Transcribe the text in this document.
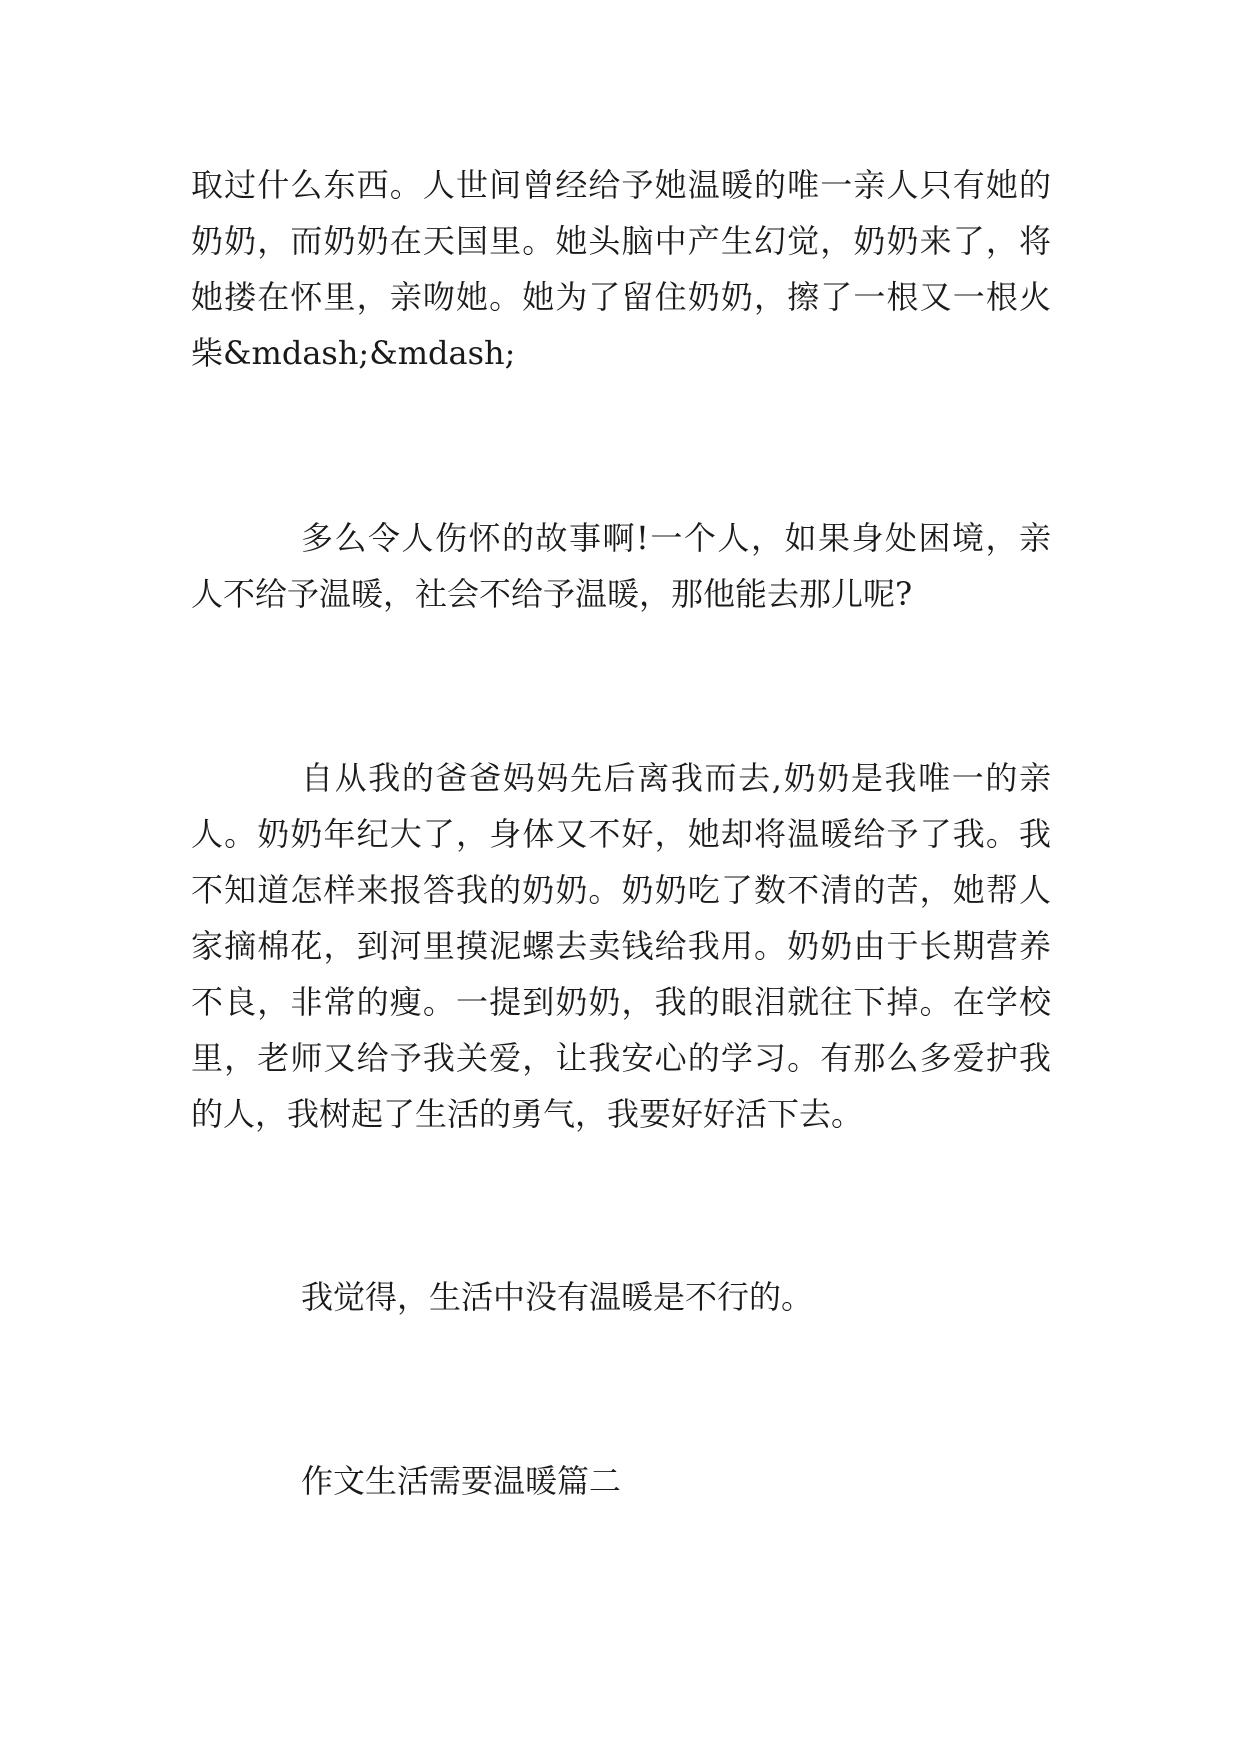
取过什么东西。人世间曾经给予她温暖的唯一亲人只有她的
奶奶，而奶奶在天国里。她头脑中产生幻觉，奶奶来了，将
她搂在怀里，亲吻她。她为了留住奶奶，擦了一根又一根火
柴&mdash;&mdash;
多么令人伤怀的故事啊!一个人，如果身处困境，亲
人不给予温暖，社会不给予温暖，那他能去那儿呢?
自从我的爸爸妈妈先后离我而去,奶奶是我唯一的亲
人。奶奶年纪大了，身体又不好，她却将温暖给予了我。我
不知道怎样来报答我的奶奶。奶奶吃了数不清的苦，她帮人
家摘棉花，到河里摸泥螺去卖钱给我用。奶奶由于长期营养
不良，非常的瘦。一提到奶奶，我的眼泪就往下掉。在学校
里，老师又给予我关爱，让我安心的学习。有那么多爱护我
的人，我树起了生活的勇气，我要好好活下去。
我觉得，生活中没有温暖是不行的。
作文生活需要温暖篇二
